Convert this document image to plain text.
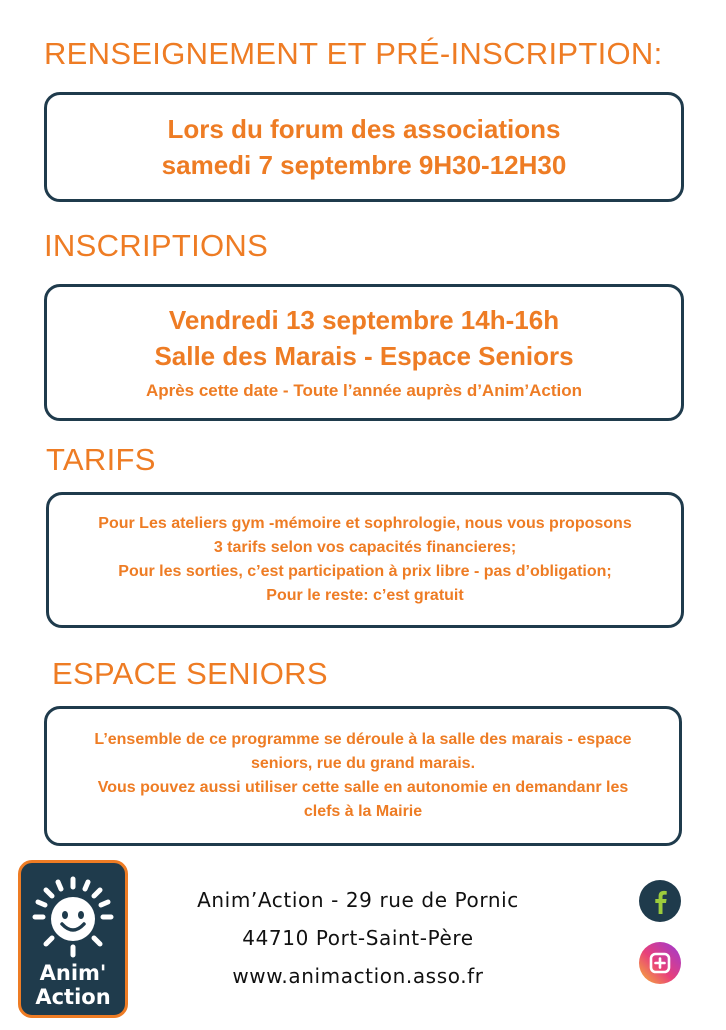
RENSEIGNEMENT ET PRÉ-INSCRIPTION:
Lors du forum des associations
samedi 7 septembre 9H30-12H30
INSCRIPTIONS
Vendredi 13 septembre 14h-16h
Salle des Marais - Espace Seniors
Après cette date - Toute l’année auprès d’Anim’Action
TARIFS
Pour Les ateliers gym -mémoire et sophrologie, nous vous proposons
3 tarifs selon vos capacités financieres;
Pour les sorties, c’est participation à prix libre - pas d’obligation;
Pour le reste: c’est gratuit
ESPACE SENIORS
L’ensemble de ce programme se déroule à la salle des marais - espace
seniors, rue du grand marais.
Vous pouvez aussi utiliser cette salle en autonomie en demandanr les
clefs à la Mairie
Anim'
Action
Anim’Action - 29 rue de Pornic
44710 Port-Saint-Père
www.animaction.asso.fr
